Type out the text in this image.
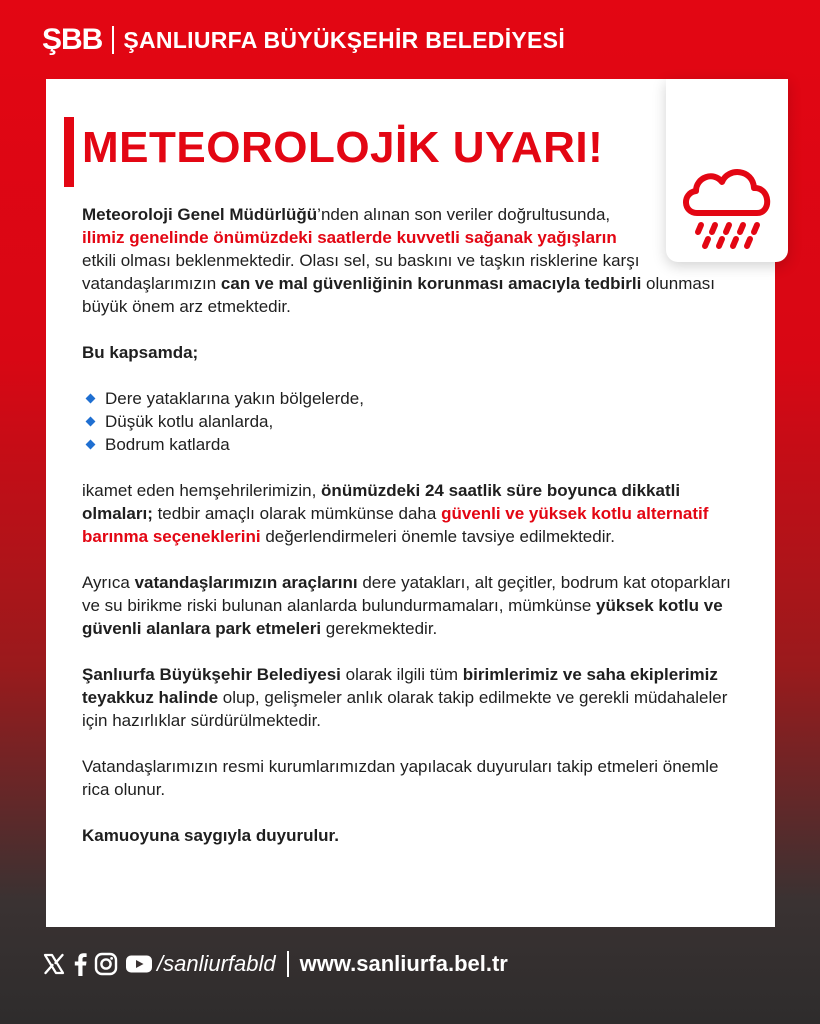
ŞBB ŞANLIURFA BÜYÜKŞEHİR BELEDİYESİ
METEOROLOJİK UYARI!

Meteoroloji Genel Müdürlüğü’nden alınan son veriler doğrultusunda,
ilimiz genelinde önümüzdeki saatlerde kuvvetli sağanak yağışların
etkili olması beklenmektedir. Olası sel, su baskını ve taşkın risklerine karşı vatandaşlarımızın can ve mal güvenliğinin korunması amacıyla tedbirli olunması büyük önem arz etmektedir.

Bu kapsamda;

Dere yataklarına yakın bölgelerde,
Düşük kotlu alanlarda,
Bodrum katlarda

ikamet eden hemşehrilerimizin, önümüzdeki 24 saatlik süre boyunca dikkatli olmaları; tedbir amaçlı olarak mümkünse daha güvenli ve yüksek kotlu alternatif barınma seçeneklerini değerlendirmeleri önemle tavsiye edilmektedir.

Ayrıca vatandaşlarımızın araçlarını dere yatakları, alt geçitler, bodrum kat otoparkları ve su birikme riski bulunan alanlarda bulundurmamaları, mümkünse yüksek kotlu ve güvenli alanlara park etmeleri gerekmektedir.

Şanlıurfa Büyükşehir Belediyesi olarak ilgili tüm birimlerimiz ve saha ekiplerimiz teyakkuz halinde olup, gelişmeler anlık olarak takip edilmekte ve gerekli müdahaleler için hazırlıklar sürdürülmektedir.

Vatandaşlarımızın resmi kurumlarımızdan yapılacak duyuruları takip etmeleri önemle rica olunur.

Kamuoyuna saygıyla duyurulur.

/sanliurfabld www.sanliurfa.bel.tr
